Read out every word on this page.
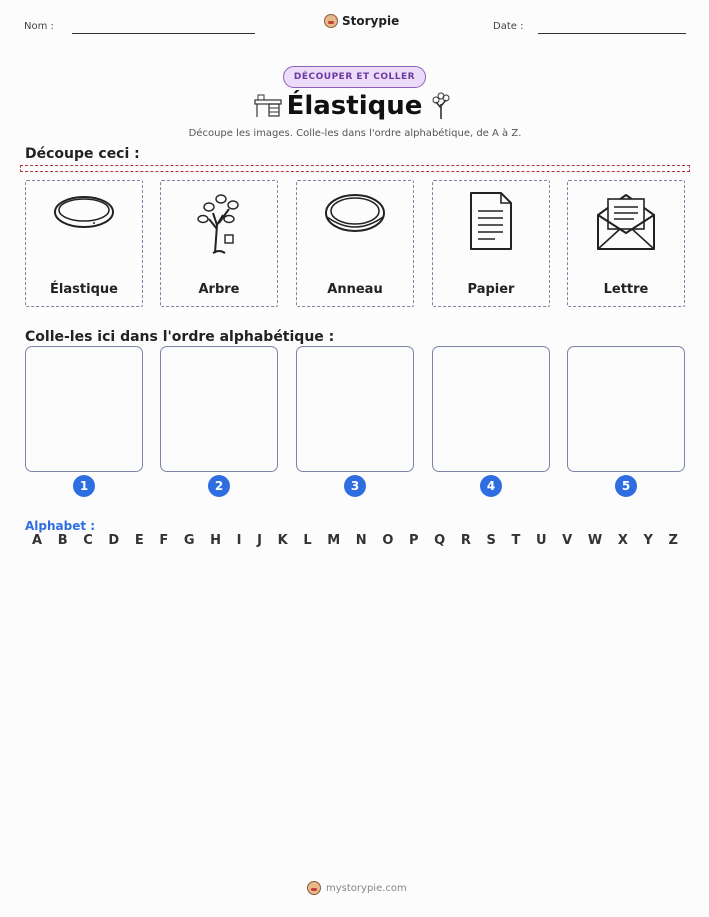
Nom :	Storypie	Date :
DÉCOUPER ET COLLER
Élastique
Découpe les images. Colle-les dans l'ordre alphabétique, de A à Z.
Découpe ceci :
Élastique	Arbre	Anneau	Papier	Lettre
Colle-les ici dans l'ordre alphabétique :
1	2	3	4	5
Alphabet :
A B C D E F G H I J K L M N O P Q R S T U V W X Y Z
mystorypie.com
